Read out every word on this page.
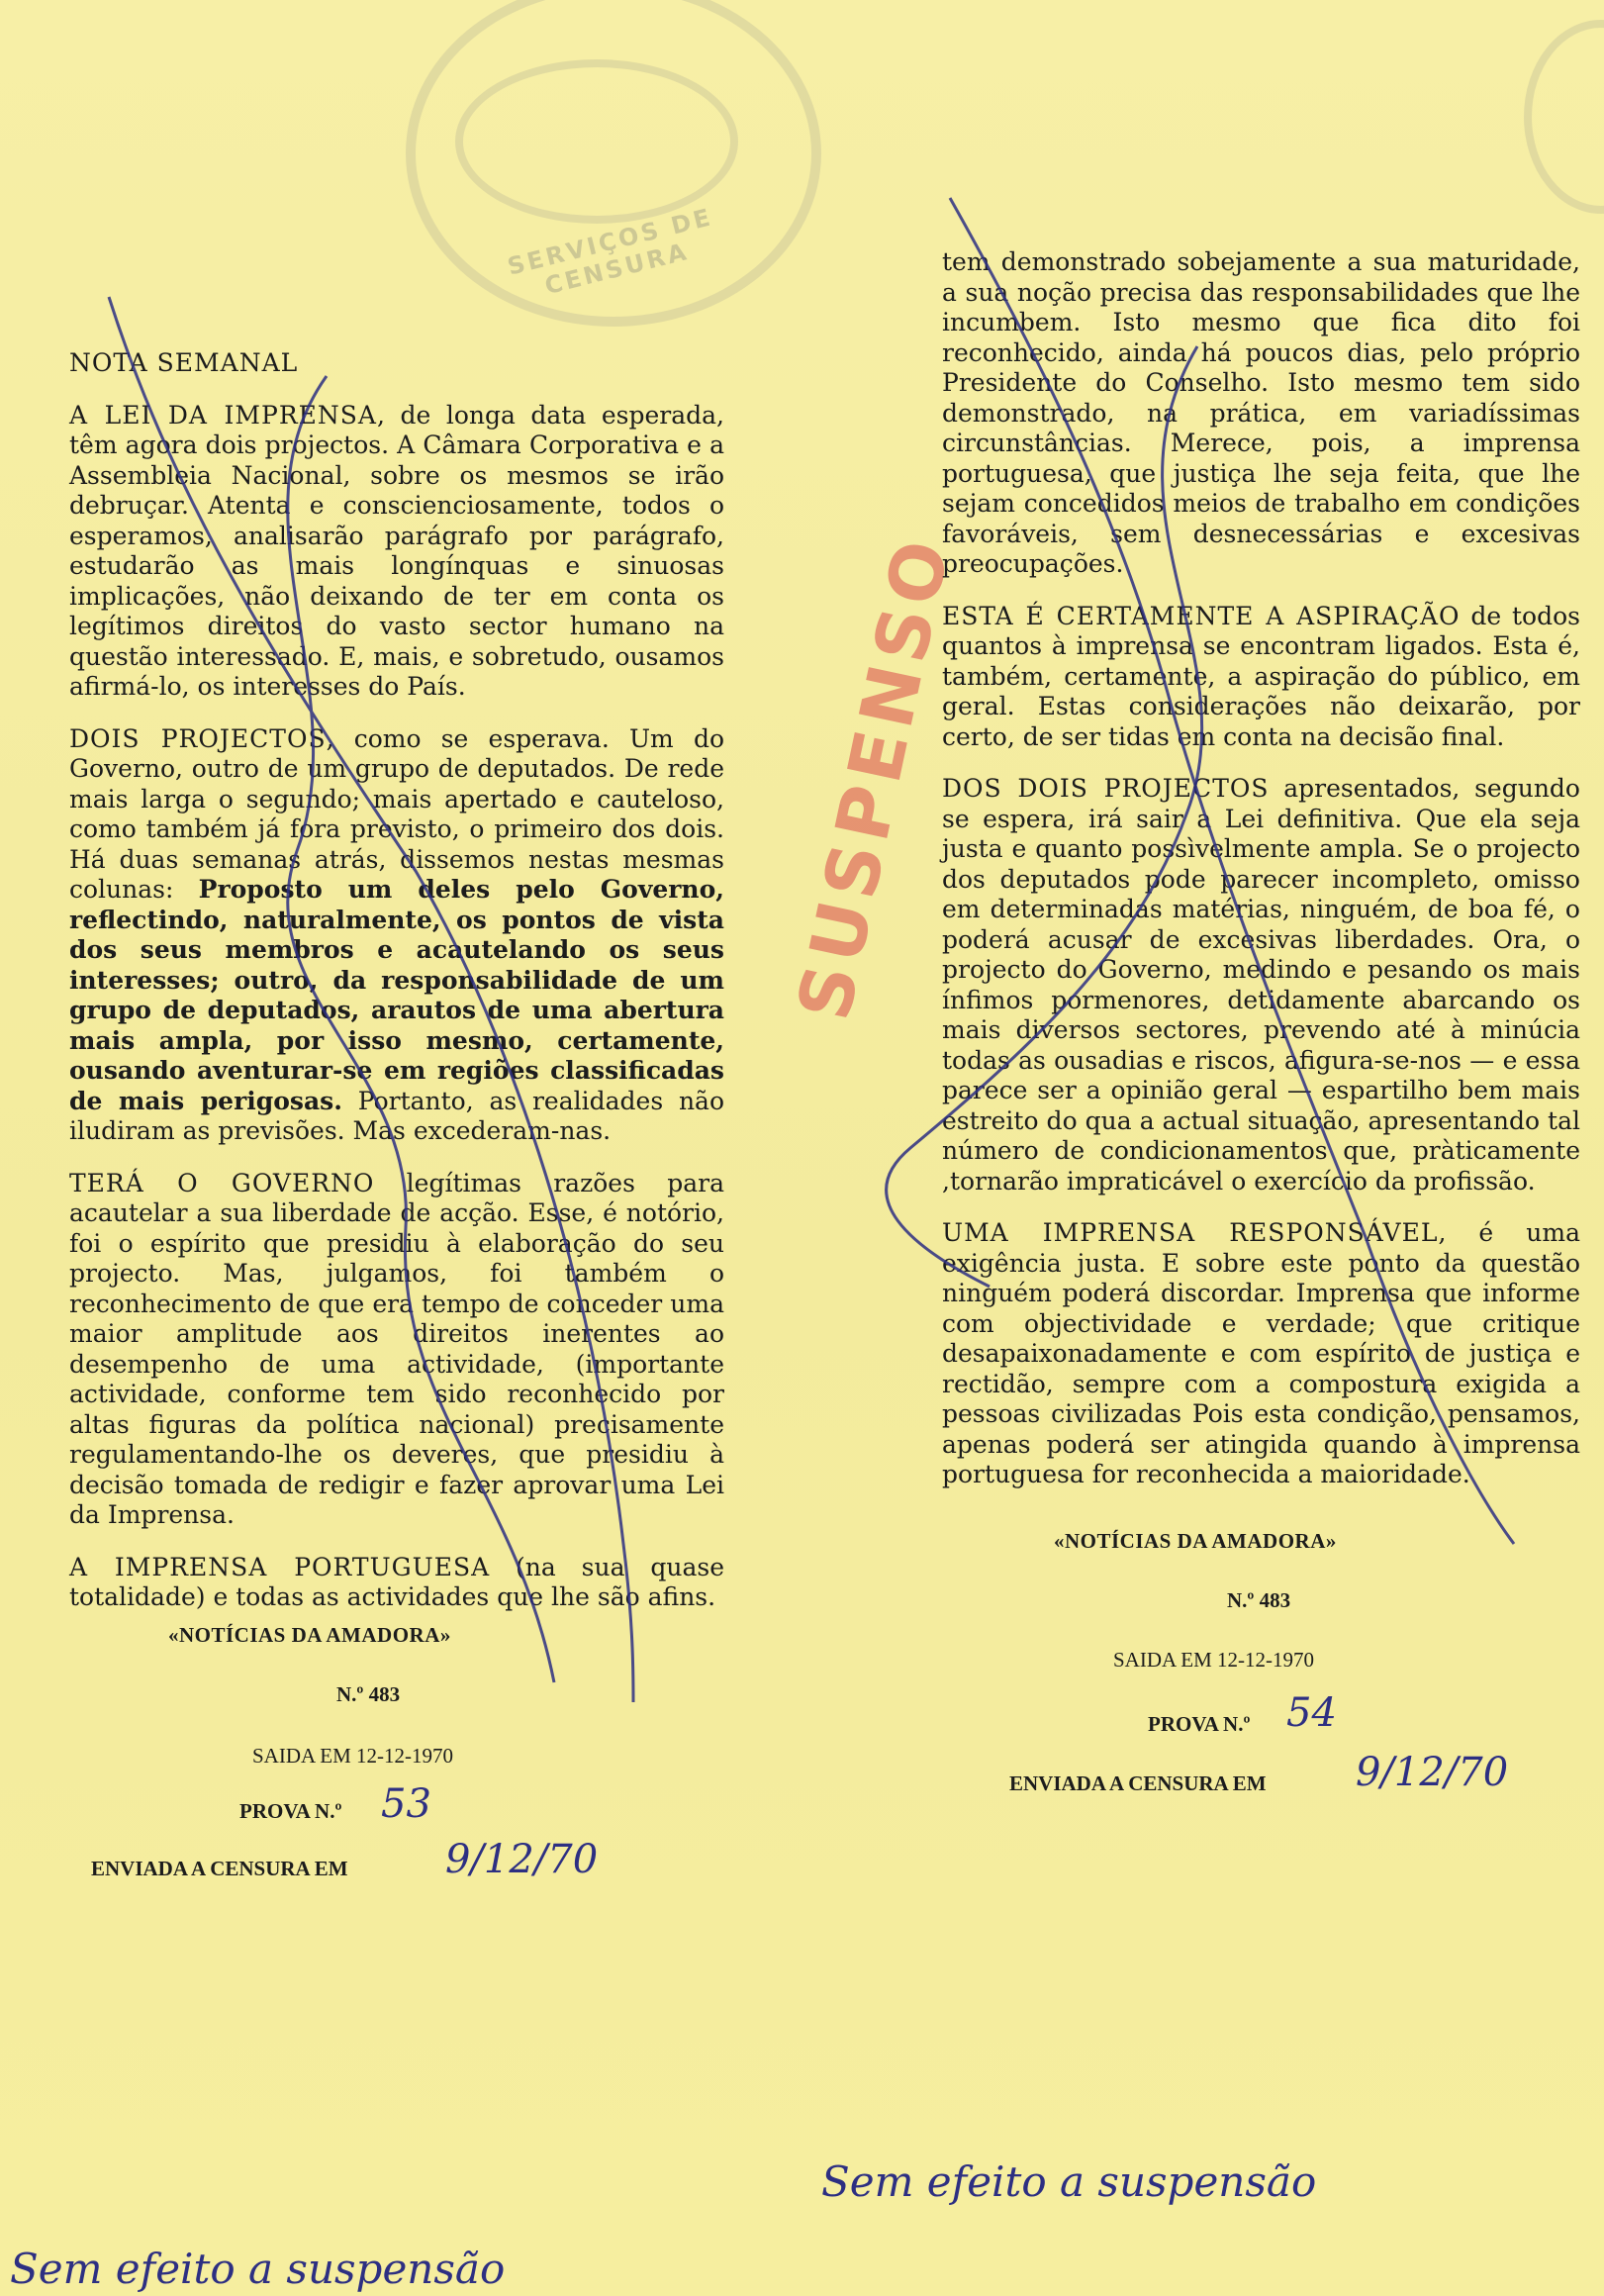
SERVIÇOS DE CENSURA
SUSPENSO

NOTA SEMANAL

A LEI DA IMPRENSA, de longa data esperada, têm agora dois projectos. A Câmara Corporativa e a Assembleia Nacional, sobre os mesmos se irão debruçar. Atenta e conscienciosamente, todos o esperamos, analisarão parágrafo por parágrafo, estudarão as mais longínquas e sinuosas implicações, não deixando de ter em conta os legítimos direitos do vasto sector humano na questão interessado. E, mais, e sobretudo, ousamos afirmá-lo, os interesses do País.

DOIS PROJECTOS, como se esperava. Um do Governo, outro de um grupo de deputados. De rede mais larga o segundo; mais apertado e cauteloso, como também já fora previsto, o primeiro dos dois. Há duas semanas atrás, dissemos nestas mesmas colunas: Proposto um deles pelo Governo, reflectindo, naturalmente, os pontos de vista dos seus membros e acautelando os seus interesses; outro, da responsabilidade de um grupo de deputados, arautos de uma abertura mais ampla, por isso mesmo, certamente, ousando aventurar-se em regiões classificadas de mais perigosas. Portanto, as realidades não iludiram as previsões. Mas excederam-nas.

TERÁ O GOVERNO legítimas razões para acautelar a sua liberdade de acção. Esse, é notório, foi o espírito que presidiu à elaboração do seu projecto. Mas, julgamos, foi também o reconhecimento de que era tempo de conceder uma maior amplitude aos direitos inerentes ao desempenho de uma actividade, (importante actividade, conforme tem sido reconhecido por altas figuras da política nacional) precisamente regulamentando-lhe os deveres, que presidiu à decisão tomada de redigir e fazer aprovar uma Lei da Imprensa.

A IMPRENSA PORTUGUESA (na sua quase totalidade) e todas as actividades que lhe são afins.

«NOTÍCIAS DA AMADORA»
N.º 483
SAIDA EM 12-12-1970
PROVA N.º 53
ENVIADA A CENSURA EM 9/12/70
Sem efeito a suspensão

tem demonstrado sobejamente a sua maturidade, a sua noção precisa das responsabilidades que lhe incumbem. Isto mesmo que fica dito foi reconhecido, ainda há poucos dias, pelo próprio Presidente do Conselho. Isto mesmo tem sido demonstrado, na prática, em variadíssimas circunstâncias. Merece, pois, a imprensa portuguesa, que justiça lhe seja feita, que lhe sejam concedidos meios de trabalho em condições favoráveis, sem desnecessárias e excesivas preocupações.

ESTA É CERTAMENTE A ASPIRAÇÃO de todos quantos à imprensa se encontram ligados. Esta é, também, certamente, a aspiração do público, em geral. Estas considerações não deixarão, por certo, de ser tidas em conta na decisão final.

DOS DOIS PROJECTOS apresentados, segundo se espera, irá sair a Lei definitiva. Que ela seja justa e quanto possìvelmente ampla. Se o projecto dos deputados pode parecer incompleto, omisso em determinadas matérias, ninguém, de boa fé, o poderá acusar de excesivas liberdades. Ora, o projecto do Governo, medindo e pesando os mais ínfimos pormenores, detidamente abarcando os mais diversos sectores, prevendo até à minúcia todas as ousadias e riscos, afigura-se-nos — e essa parece ser a opinião geral — espartilho bem mais estreito do qua a actual situação, apresentando tal número de condicionamentos que, pràticamente ,tornarão impraticável o exercício da profissão.

UMA IMPRENSA RESPONSÁVEL, é uma exigência justa. E sobre este ponto da questão ninguém poderá discordar. Imprensa que informe com objectividade e verdade; que critique desapaixonadamente e com espírito de justiça e rectidão, sempre com a compostura exigida a pessoas civilizadas Pois esta condição, pensamos, apenas poderá ser atingida quando à imprensa portuguesa for reconhecida a maioridade.

«NOTÍCIAS DA AMADORA»
N.º 483
SAIDA EM 12-12-1970
PROVA N.º 54
ENVIADA A CENSURA EM 9/12/70
Sem efeito a suspensão
